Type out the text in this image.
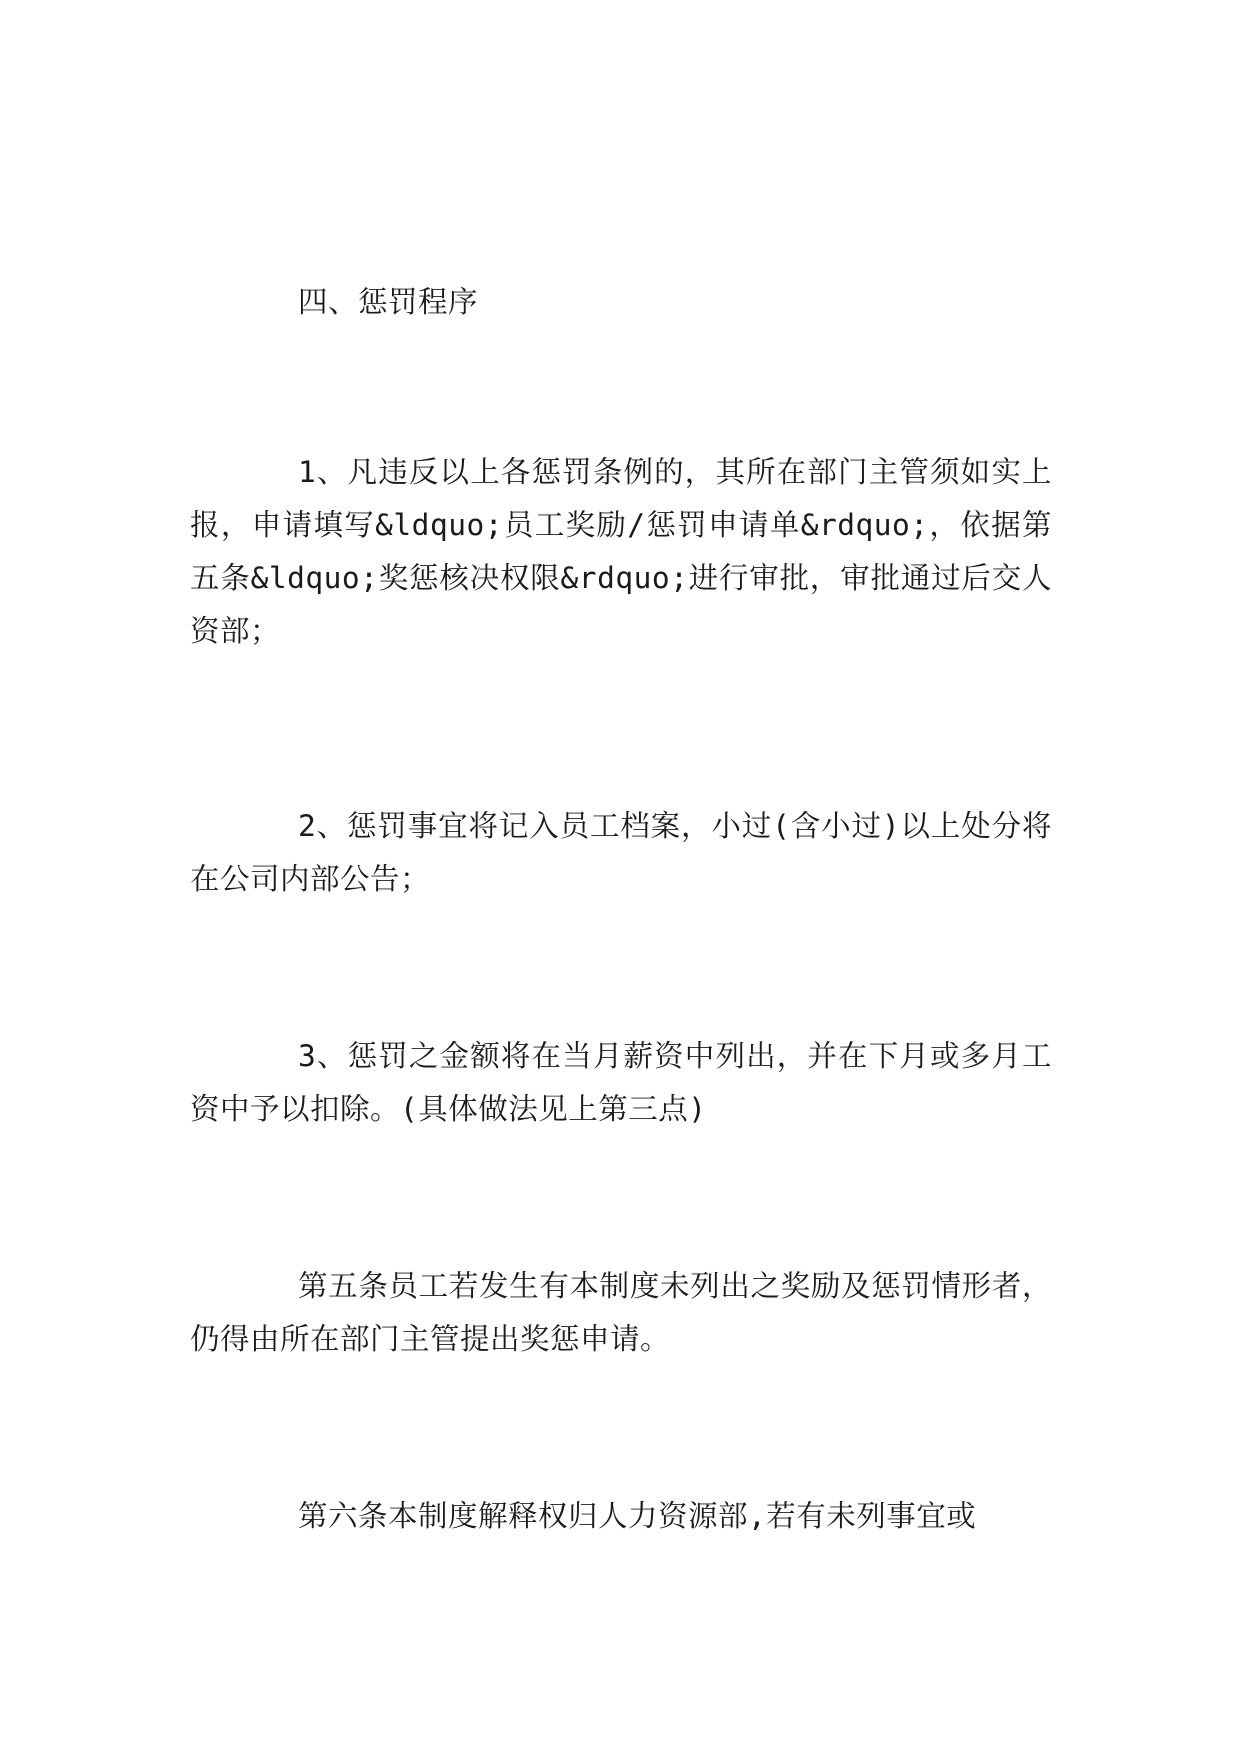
四、惩罚程序

1、凡违反以上各惩罚条例的，其所在部门主管须如实上报，申请填写&ldquo;员工奖励/惩罚申请单&rdquo;，依据第五条&ldquo;奖惩核决权限&rdquo;进行审批，审批通过后交人资部；

2、惩罚事宜将记入员工档案，小过(含小过)以上处分将在公司内部公告；

3、惩罚之金额将在当月薪资中列出，并在下月或多月工资中予以扣除。(具体做法见上第三点)

第五条员工若发生有本制度未列出之奖励及惩罚情形者，仍得由所在部门主管提出奖惩申请。

第六条本制度解释权归人力资源部,若有未列事宜或
